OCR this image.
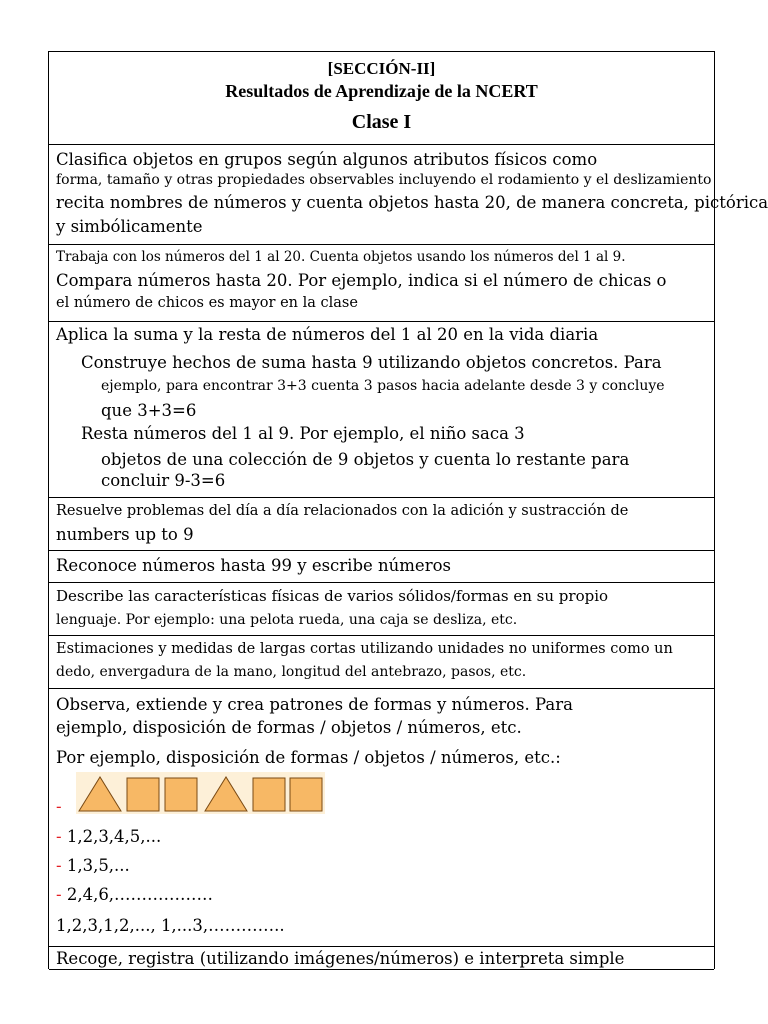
[SECCIÓN-II]
Resultados de Aprendizaje de la NCERT
Clase I
Clasifica objetos en grupos según algunos atributos físicos como
forma, tamaño y otras propiedades observables incluyendo el rodamiento y el deslizamiento
recita nombres de números y cuenta objetos hasta 20, de manera concreta, pictórica
y simbólicamente
Trabaja con los números del 1 al 20. Cuenta objetos usando los números del 1 al 9.
Compara números hasta 20. Por ejemplo, indica si el número de chicas o
el número de chicos es mayor en la clase
Aplica la suma y la resta de números del 1 al 20 en la vida diaria
Construye hechos de suma hasta 9 utilizando objetos concretos. Para
ejemplo, para encontrar 3+3 cuenta 3 pasos hacia adelante desde 3 y concluye
que 3+3=6
Resta números del 1 al 9. Por ejemplo, el niño saca 3
objetos de una colección de 9 objetos y cuenta lo restante para
concluir 9-3=6
Resuelve problemas del día a día relacionados con la adición y sustracción de
numbers up to 9
Reconoce números hasta 99 y escribe números
Describe las características físicas de varios sólidos/formas en su propio
lenguaje. Por ejemplo: una pelota rueda, una caja se desliza, etc.
Estimaciones y medidas de largas cortas utilizando unidades no uniformes como un
dedo, envergadura de la mano, longitud del antebrazo, pasos, etc.
Observa, extiende y crea patrones de formas y números. Para
ejemplo, disposición de formas / objetos / números, etc.
Por ejemplo, disposición de formas / objetos / números, etc.:
-
- 1,2,3,4,5,...
- 1,3,5,...
- 2,4,6,………………
1,2,3,1,2,..., 1,...3,…………..
Recoge, registra (utilizando imágenes/números) e interpreta simple
